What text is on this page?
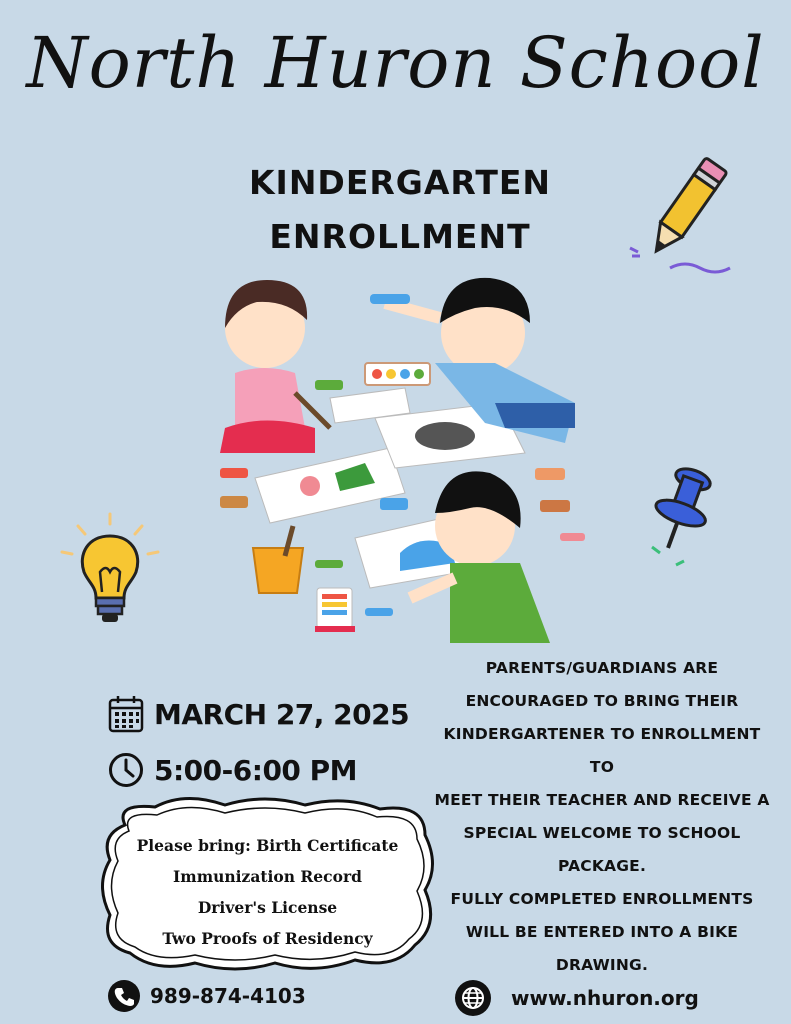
North Huron School
KINDERGARTEN
ENROLLMENT
MARCH 27, 2025
5:00-6:00 PM

PARENTS/GUARDIANS ARE

ENCOURAGED TO BRING THEIR

KINDERGARTENER TO ENROLLMENT TO

MEET THEIR TEACHER AND RECEIVE A

SPECIAL WELCOME TO SCHOOL

PACKAGE.

FULLY COMPLETED ENROLLMENTS

WILL BE ENTERED INTO A BIKE

DRAWING.

Please bring: Birth Certificate
Immunization Record
Driver's License
Two Proofs of Residency
989-874-4103	www.nhuron.org
